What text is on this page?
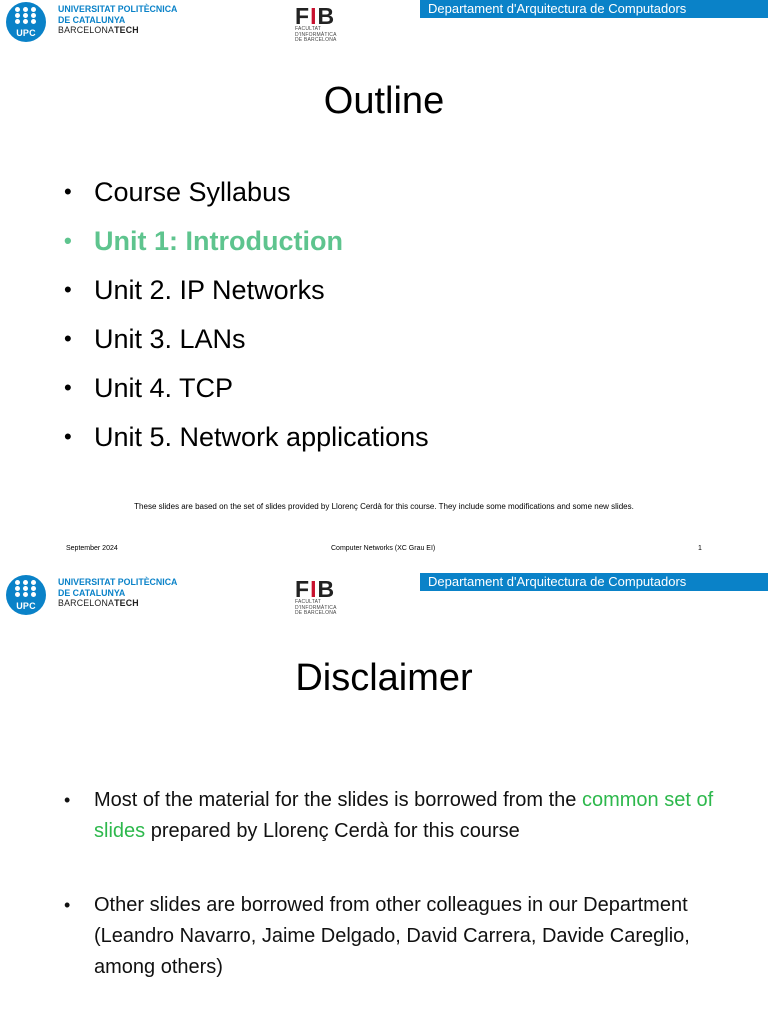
UPC
UNIVERSITAT POLITÈCNICA
DE CATALUNYA
BARCELONATECH
FIB
FACULTAT
D'INFORMÀTICA
DE BARCELONA
Departament d'Arquitectura de Computadors
Outline
• Course Syllabus
• Unit 1: Introduction
• Unit 2. IP Networks
• Unit 3. LANs
• Unit 4. TCP
• Unit 5. Network applications
These slides are based on the set of slides provided by Llorenç Cerdà for this course. They include some modifications and some new slides.
September 2024	Computer Networks (XC Grau EI)	1
UPC
UNIVERSITAT POLITÈCNICA
DE CATALUNYA
BARCELONATECH
FIB
FACULTAT
D'INFORMÀTICA
DE BARCELONA
Departament d'Arquitectura de Computadors
Disclaimer
• Most of the material for the slides is borrowed from the common set of slides prepared by Llorenç Cerdà for this course
• Other slides are borrowed from other colleagues in our Department (Leandro Navarro, Jaime Delgado, David Carrera, Davide Careglio, among others)
